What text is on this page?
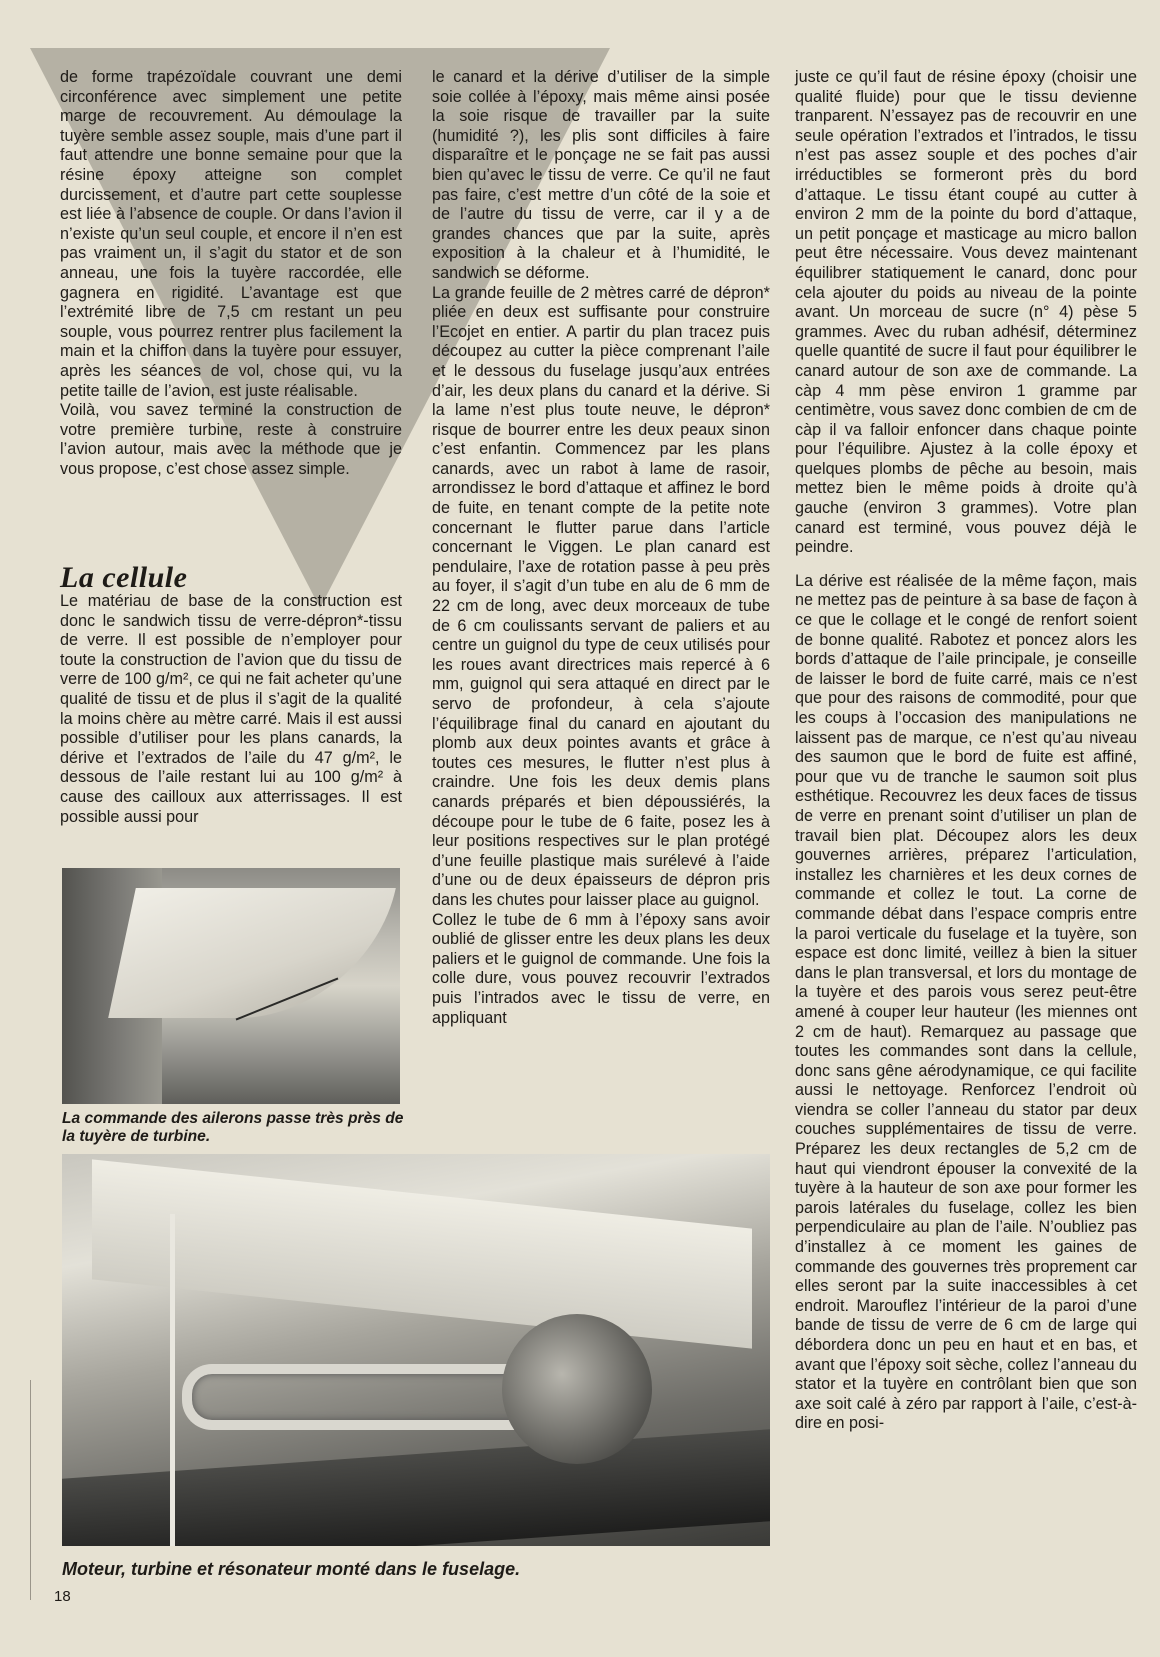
de forme trapézoïdale couvrant une demi circonférence avec simplement une petite marge de recouvrement. Au démoulage la tuyère semble assez souple, mais d’une part il faut attendre une bonne semaine pour que la résine époxy atteigne son complet durcissement, et d’autre part cette souplesse est liée à l’absence de couple. Or dans l’avion il n’existe qu’un seul couple, et encore il n’en est pas vraiment un, il s’agit du stator et de son anneau, une fois la tuyère raccordée, elle gagnera en rigidité. L’avantage est que l’extrémité libre de 7,5 cm restant un peu souple, vous pourrez rentrer plus facilement la main et la chiffon dans la tuyère pour essuyer, après les séances de vol, chose qui, vu la petite taille de l’avion, est juste réalisable.

Voilà, vou savez terminé la construction de votre première turbine, reste à construire l’avion autour, mais avec la méthode que je vous propose, c’est chose assez simple.

La cellule

Le matériau de base de la construction est donc le sandwich tissu de verre-dépron*-tissu de verre. Il est possible de n’employer pour toute la construction de l’avion que du tissu de verre de 100 g/m², ce qui ne fait acheter qu’une qualité de tissu et de plus il s’agit de la qualité la moins chère au mètre carré. Mais il est aussi possible d’utiliser pour les plans canards, la dérive et l’extrados de l’aile du 47 g/m², le dessous de l’aile restant lui au 100 g/m² à cause des cailloux aux atterrissages. Il est possible aussi pour

le canard et la dérive d’utiliser de la simple soie collée à l’époxy, mais même ainsi posée la soie risque de travailler par la suite (humidité ?), les plis sont difficiles à faire disparaître et le ponçage ne se fait pas aussi bien qu’avec le tissu de verre. Ce qu’il ne faut pas faire, c’est mettre d’un côté de la soie et de l’autre du tissu de verre, car il y a de grandes chances que par la suite, après exposition à la chaleur et à l’humidité, le sandwich se déforme.

La grande feuille de 2 mètres carré de dépron* pliée en deux est suffisante pour construire l’Ecojet en entier. A partir du plan tracez puis découpez au cutter la pièce comprenant l’aile et le dessous du fuselage jusqu’aux entrées d’air, les deux plans du canard et la dérive. Si la lame n’est plus toute neuve, le dépron* risque de bourrer entre les deux peaux sinon c’est enfantin. Commencez par les plans canards, avec un rabot à lame de rasoir, arrondissez le bord d’attaque et affinez le bord de fuite, en tenant compte de la petite note concernant le flutter parue dans l’article concernant le Viggen. Le plan canard est pendulaire, l’axe de rotation passe à peu près au foyer, il s’agit d’un tube en alu de 6 mm de 22 cm de long, avec deux morceaux de tube de 6 cm coulissants servant de paliers et au centre un guignol du type de ceux utilisés pour les roues avant directrices mais repercé à 6 mm, guignol qui sera attaqué en direct par le servo de profondeur, à cela s’ajoute l’équilibrage final du canard en ajoutant du plomb aux deux pointes avants et grâce à toutes ces mesures, le flutter n’est plus à craindre. Une fois les deux demis plans canards préparés et bien dépoussiérés, la découpe pour le tube de 6 faite, posez les à leur positions respectives sur le plan protégé d’une feuille plastique mais surélevé à l’aide d’une ou de deux épaisseurs de dépron pris dans les chutes pour laisser place au guignol.

Collez le tube de 6 mm à l’époxy sans avoir oublié de glisser entre les deux plans les deux paliers et le guignol de commande. Une fois la colle dure, vous pouvez recouvrir l’extrados puis l’intrados avec le tissu de verre, en appliquant

juste ce qu’il faut de résine époxy (choisir une qualité fluide) pour que le tissu devienne tranparent. N’essayez pas de recouvrir en une seule opération l’extrados et l’intrados, le tissu n’est pas assez souple et des poches d’air irréductibles se formeront près du bord d’attaque. Le tissu étant coupé au cutter à environ 2 mm de la pointe du bord d’attaque, un petit ponçage et masticage au micro ballon peut être nécessaire. Vous devez maintenant équilibrer statiquement le canard, donc pour cela ajouter du poids au niveau de la pointe avant. Un morceau de sucre (n° 4) pèse 5 grammes. Avec du ruban adhésif, déterminez quelle quantité de sucre il faut pour équilibrer le canard autour de son axe de commande. La càp 4 mm pèse environ 1 gramme par centimètre, vous savez donc combien de cm de càp il va falloir enfoncer dans chaque pointe pour l’équilibre. Ajustez à la colle époxy et quelques plombs de pêche au besoin, mais mettez bien le même poids à droite qu’à gauche (environ 3 grammes). Votre plan canard est terminé, vous pouvez déjà le peindre.

La dérive est réalisée de la même façon, mais ne mettez pas de peinture à sa base de façon à ce que le collage et le congé de renfort soient de bonne qualité. Rabotez et poncez alors les bords d’attaque de l’aile principale, je conseille de laisser le bord de fuite carré, mais ce n’est que pour des raisons de commodité, pour que les coups à l’occasion des manipulations ne laissent pas de marque, ce n’est qu’au niveau des saumon que le bord de fuite est affiné, pour que vu de tranche le saumon soit plus esthétique. Recouvrez les deux faces de tissus de verre en prenant soint d’utiliser un plan de travail bien plat. Découpez alors les deux gouvernes arrières, préparez l’articulation, installez les charnières et les deux cornes de commande et collez le tout. La corne de commande débat dans l’espace compris entre la paroi verticale du fuselage et la tuyère, son espace est donc limité, veillez à bien la situer dans le plan transversal, et lors du montage de la tuyère et des parois vous serez peut-être amené à couper leur hauteur (les miennes ont 2 cm de haut). Remarquez au passage que toutes les commandes sont dans la cellule, donc sans gêne aérodynamique, ce qui facilite aussi le nettoyage. Renforcez l’endroit où viendra se coller l’anneau du stator par deux couches supplémentaires de tissu de verre. Préparez les deux rectangles de 5,2 cm de haut qui viendront épouser la convexité de la tuyère à la hauteur de son axe pour former les parois latérales du fuselage, collez les bien perpendiculaire au plan de l’aile. N’oubliez pas d’installez à ce moment les gaines de commande des gouvernes très proprement car elles seront par la suite inaccessibles à cet endroit. Marouflez l’intérieur de la paroi d’une bande de tissu de verre de 6 cm de large qui débordera donc un peu en haut et en bas, et avant que l’époxy soit sèche, collez l’anneau du stator et la tuyère en contrôlant bien que son axe soit calé à zéro par rapport à l’aile, c’est-à-dire en posi-

La commande des ailerons passe très près de la tuyère de turbine.
Moteur, turbine et résonateur monté dans le fuselage.
18
